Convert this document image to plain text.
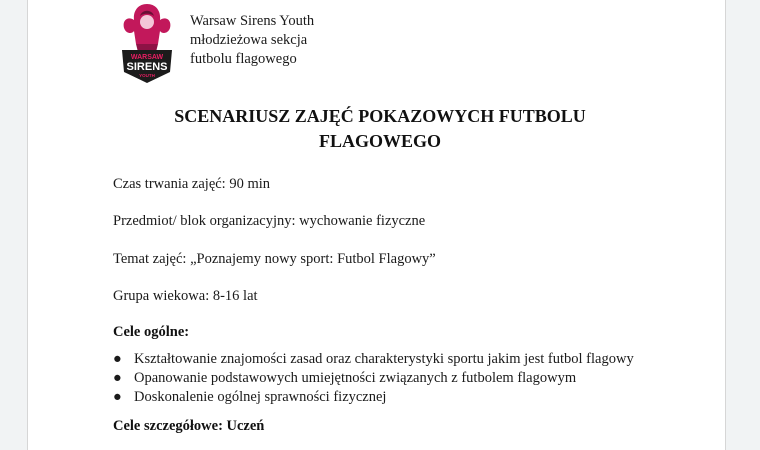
WARSAW
SIRENS
YOUTH
Warsaw Sirens Youth
młodzieżowa sekcja
futbolu flagowego
SCENARIUSZ ZAJĘĆ POKAZOWYCH FUTBOLU
FLAGOWEGO
Czas trwania zajęć: 90 min
Przedmiot/ blok organizacyjny: wychowanie fizyczne
Temat zajęć: „Poznajemy nowy sport: Futbol Flagowy”
Grupa wiekowa: 8-16 lat
Cele ogólne:
● Kształtowanie znajomości zasad oraz charakterystyki sportu jakim jest futbol flagowy
● Opanowanie podstawowych umiejętności związanych z futbolem flagowym
● Doskonalenie ogólnej sprawności fizycznej
Cele szczegółowe: Uczeń
